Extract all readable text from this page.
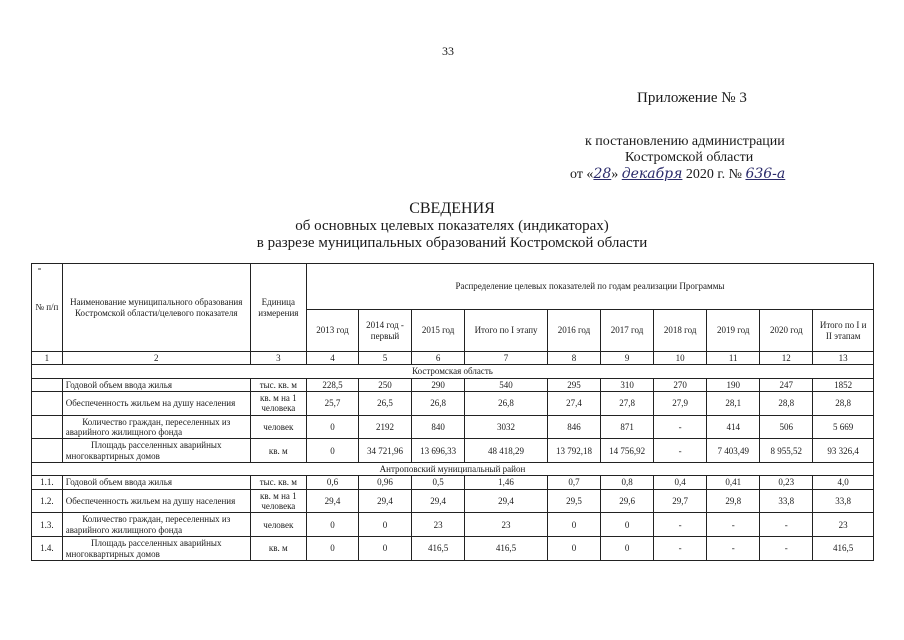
33
Приложение № 3
к постановлению администрации
Костромской области
от «28» декабря 2020 г. № 636-а
СВЕДЕНИЯ
об основных целевых показателях (индикаторах)
в разрезе муниципальных образований Костромской области
№ п/п	Наименование муниципального образования Костромской области/целевого показателя	Единица измерения	Распределение целевых показателей по годам реализации Программы									
			2013 год	2014 год - первый	2015 год	Итого по I этапу	2016 год	2017 год	2018 год	2019 год	2020 год	Итого по I и II этапам
1	2	3	4	5	6	7	8	9	10	11	12	13
Костромская область												
	Годовой объем ввода жилья	тыс. кв. м	228,5	250	290	540	295	310	270	190	247	1852
	Обеспеченность жильем на душу населения	кв. м на 1 человека	25,7	26,5	26,8	26,8	27,4	27,8	27,9	28,1	28,8	28,8
	Количество граждан, переселенных из аварийного жилищного фонда	человек	0	2192	840	3032	846	871	-	414	506	5 669
	Площадь расселенных аварийных многоквартирных домов	кв. м	0	34 721,96	13 696,33	48 418,29	13 792,18	14 756,92	-	7 403,49	8 955,52	93 326,4
Антроповский муниципальный район												
1.1.	Годовой объем ввода жилья	тыс. кв. м	0,6	0,96	0,5	1,46	0,7	0,8	0,4	0,41	0,23	4,0
1.2.	Обеспеченность жильем на душу населения	кв. м на 1 человека	29,4	29,4	29,4	29,4	29,5	29,6	29,7	29,8	33,8	33,8
1.3.	Количество граждан, переселенных из аварийного жилищного фонда	человек	0	0	23	23	0	0	-	-	-	23
1.4.	Площадь расселенных аварийных многоквартирных домов	кв. м	0	0	416,5	416,5	0	0	-	-	-	416,5
